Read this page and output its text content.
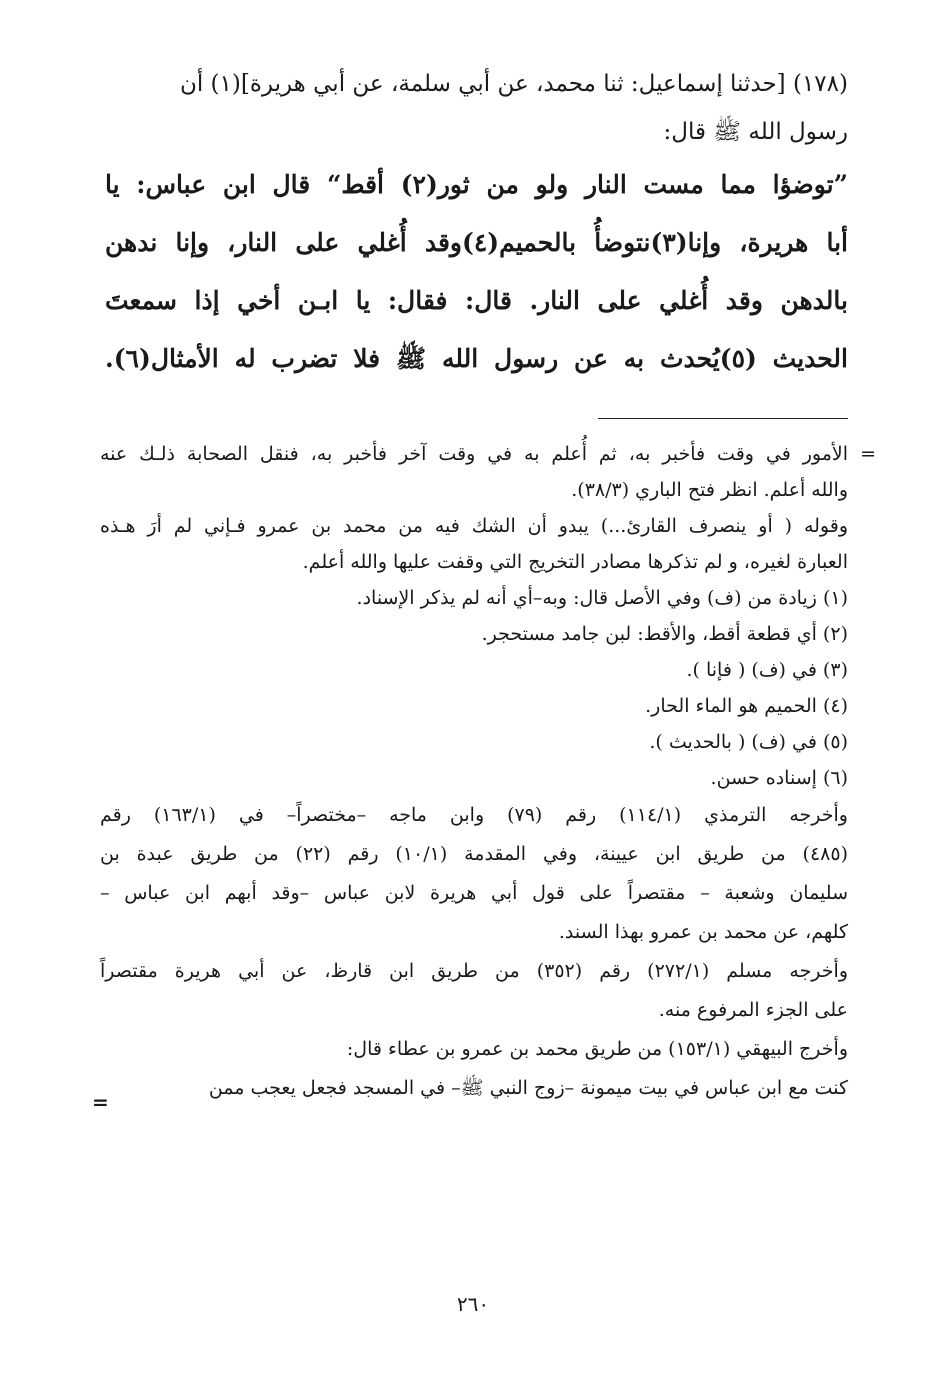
(١٧٨) [حدثنا إسماعيل: ثنا محمد، عن أبي سلمة، عن أبي هريرة](١) أن
رسول الله ﷺ قال:
”توضؤا مما مست النار ولو من ثور(٢) أقط“ قال ابن عباس: يا
أبا هريرة، وإنا(٣)نتوضأُ بالحميم(٤)وقد أُغلي على النار، وإنا ندهن
بالدهن وقد أُغلي على النار. قال: فقال: يا ابـن أخي إذا سمعتَ
الحديث (٥)يُحدث به عن رسول الله ﷺ فلا تضرب له الأمثال(٦).
=
الأمور في وقت فأخبر به، ثم أُعلم به في وقت آخر فأخبر به، فنقل الصحابة ذلـك عنه
والله أعلم. انظر فتح الباري (٣٨/٣).
وقوله ( أو ينصرف القارئ...) يبدو أن الشك فيه من محمد بن عمرو فـإني لم أرَ هـذه
العبارة لغيره، و لم تذكرها مصادر التخريج التي وقفت عليها والله أعلم.
(١) زيادة من (ف) وفي الأصل قال: وبه–أي أنه لم يذكر الإسناد.
(٢) أي قطعة أقط، والأقط: لبن جامد مستحجر.
(٣) في (ف) ( فإنا ).
(٤) الحميم هو الماء الحار.
(٥) في (ف) ( بالحديث ).
(٦) إسناده حسن.
وأخرجه الترمذي (١١٤/١) رقم (٧٩) وابن ماجه –مختصراً– في (١٦٣/١) رقم
(٤٨٥) من طريق ابن عيينة، وفي المقدمة (١٠/١) رقم (٢٢) من طريق عبدة بن
سليمان وشعبة – مقتصراً على قول أبي هريرة لابن عباس –وقد أبهم ابن عباس –
كلهم، عن محمد بن عمرو بهذا السند.
وأخرجه مسلم (٢٧٢/١) رقم (٣٥٢) من طريق ابن قارظ، عن أبي هريرة مقتصراً
على الجزء المرفوع منه.
وأخرج البيهقي (١٥٣/١) من طريق محمد بن عمرو بن عطاء قال:
كنت مع ابن عباس في بيت ميمونة –زوج النبي ﷺ– في المسجد فجعل يعجب ممن
=
٢٦٠
